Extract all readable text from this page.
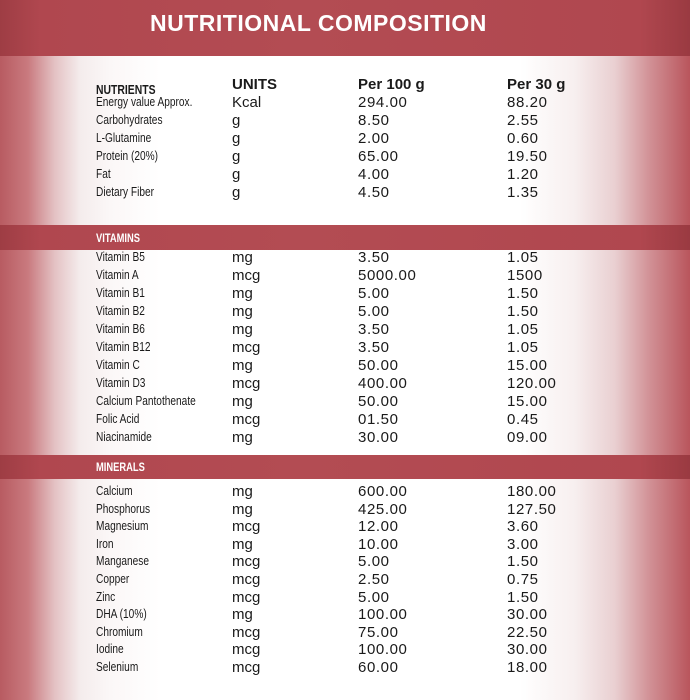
NUTRITIONAL COMPOSITION
NUTRIENTS	UNITS	Per 100 g	Per 30 g
Energy value Approx.	Kcal	294.00	88.20
Carbohydrates	g	8.50	2.55
L-Glutamine	g	2.00	0.60
Protein (20%)	g	65.00	19.50
Fat	g	4.00	1.20
Dietary Fiber	g	4.50	1.35
VITAMINS
Vitamin B5	mg	3.50	1.05
Vitamin A	mcg	5000.00	1500
Vitamin B1	mg	5.00	1.50
Vitamin B2	mg	5.00	1.50
Vitamin B6	mg	3.50	1.05
Vitamin B12	mcg	3.50	1.05
Vitamin C	mg	50.00	15.00
Vitamin D3	mcg	400.00	120.00
Calcium Pantothenate mg	50.00	15.00
Folic Acid	mcg	01.50	0.45
Niacinamide	mg	30.00	09.00
MINERALS
Calcium	mg	600.00	180.00
Phosphorus	mg	425.00	127.50
Magnesium	mcg	12.00	3.60
Iron	mg	10.00	3.00
Manganese	mcg	5.00	1.50
Copper	mcg	2.50	0.75
Zinc	mcg	5.00	1.50
DHA (10%)	mg	100.00	30.00
Chromium	mcg	75.00	22.50
Iodine	mcg	100.00	30.00
Selenium	mcg	60.00	18.00
